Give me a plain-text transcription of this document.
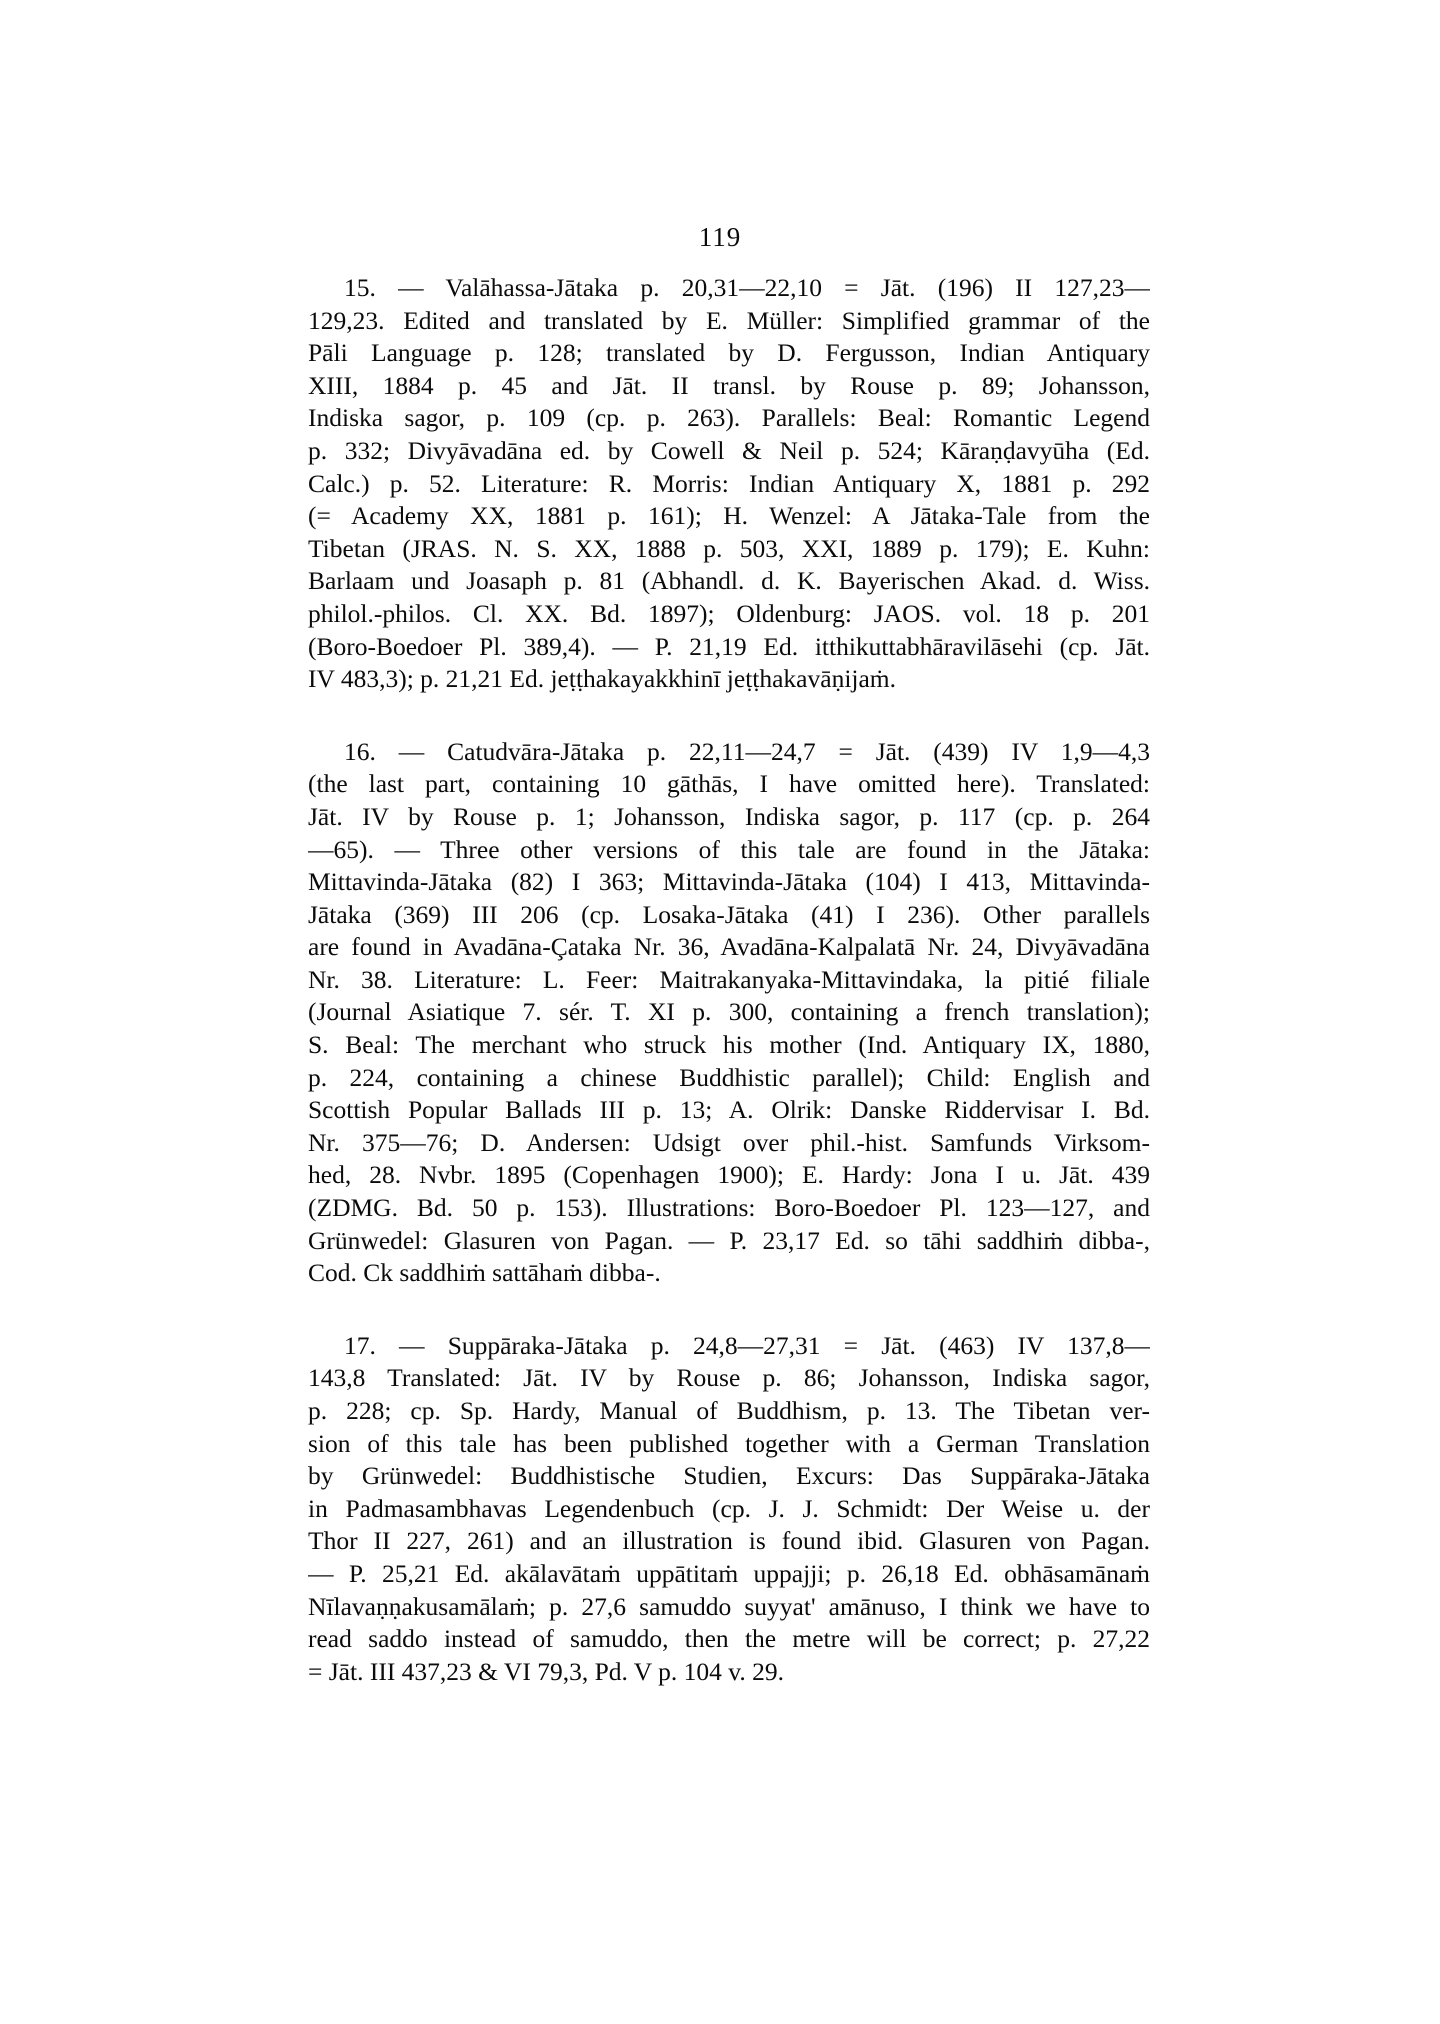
119
15. — Valāhassa-Jātaka p. 20,31—22,10 = Jāt. (196) II 127,23—
129,23. Edited and translated by E. Müller: Simplified grammar of the
Pāli Language p. 128; translated by D. Fergusson, Indian Antiquary
XIII, 1884 p. 45 and Jāt. II transl. by Rouse p. 89; Johansson,
Indiska sagor, p. 109 (cp. p. 263). Parallels: Beal: Romantic Legend
p. 332; Divyāvadāna ed. by Cowell & Neil p. 524; Kāraṇḍavyūha (Ed.
Calc.) p. 52. Literature: R. Morris: Indian Antiquary X, 1881 p. 292
(= Academy XX, 1881 p. 161); H. Wenzel: A Jātaka-Tale from the
Tibetan (JRAS. N. S. XX, 1888 p. 503, XXI, 1889 p. 179); E. Kuhn:
Barlaam und Joasaph p. 81 (Abhandl. d. K. Bayerischen Akad. d. Wiss.
philol.-philos. Cl. XX. Bd. 1897); Oldenburg: JAOS. vol. 18 p. 201
(Boro-Boedoer Pl. 389,4). — P. 21,19 Ed. itthikuttabhāravilāsehi (cp. Jāt.
IV 483,3); p. 21,21 Ed. jeṭṭhakayakkhinī jeṭṭhakavāṇijaṁ.
16. — Catudvāra-Jātaka p. 22,11—24,7 = Jāt. (439) IV 1,9—4,3
(the last part, containing 10 gāthās, I have omitted here). Translated:
Jāt. IV by Rouse p. 1; Johansson, Indiska sagor, p. 117 (cp. p. 264
—65). — Three other versions of this tale are found in the Jātaka:
Mittavinda-Jātaka (82) I 363; Mittavinda-Jātaka (104) I 413, Mittavinda-
Jātaka (369) III 206 (cp. Losaka-Jātaka (41) I 236). Other parallels
are found in Avadāna-Çataka Nr. 36, Avadāna-Kalpalatā Nr. 24, Divyāvadāna
Nr. 38. Literature: L. Feer: Maitrakanyaka-Mittavindaka, la pitié filiale
(Journal Asiatique 7. sér. T. XI p. 300, containing a french translation);
S. Beal: The merchant who struck his mother (Ind. Antiquary IX, 1880,
p. 224, containing a chinese Buddhistic parallel); Child: English and
Scottish Popular Ballads III p. 13; A. Olrik: Danske Riddervisar I. Bd.
Nr. 375—76; D. Andersen: Udsigt over phil.-hist. Samfunds Virksom-
hed, 28. Nvbr. 1895 (Copenhagen 1900); E. Hardy: Jona I u. Jāt. 439
(ZDMG. Bd. 50 p. 153). Illustrations: Boro-Boedoer Pl. 123—127, and
Grünwedel: Glasuren von Pagan. — P. 23,17 Ed. so tāhi saddhiṁ dibba-,
Cod. Ck saddhiṁ sattāhaṁ dibba-.
17. — Suppāraka-Jātaka p. 24,8—27,31 = Jāt. (463) IV 137,8—
143,8 Translated: Jāt. IV by Rouse p. 86; Johansson, Indiska sagor,
p. 228; cp. Sp. Hardy, Manual of Buddhism, p. 13. The Tibetan ver-
sion of this tale has been published together with a German Translation
by Grünwedel: Buddhistische Studien, Excurs: Das Suppāraka-Jātaka
in Padmasambhavas Legendenbuch (cp. J. J. Schmidt: Der Weise u. der
Thor II 227, 261) and an illustration is found ibid. Glasuren von Pagan.
— P. 25,21 Ed. akālavātaṁ uppātitaṁ uppajji; p. 26,18 Ed. obhāsamānaṁ
Nīlavaṇṇakusamālaṁ; p. 27,6 samuddo suyyat' amānuso, I think we have to
read saddo instead of samuddo, then the metre will be correct; p. 27,22
= Jāt. III 437,23 & VI 79,3, Pd. V p. 104 v. 29.
